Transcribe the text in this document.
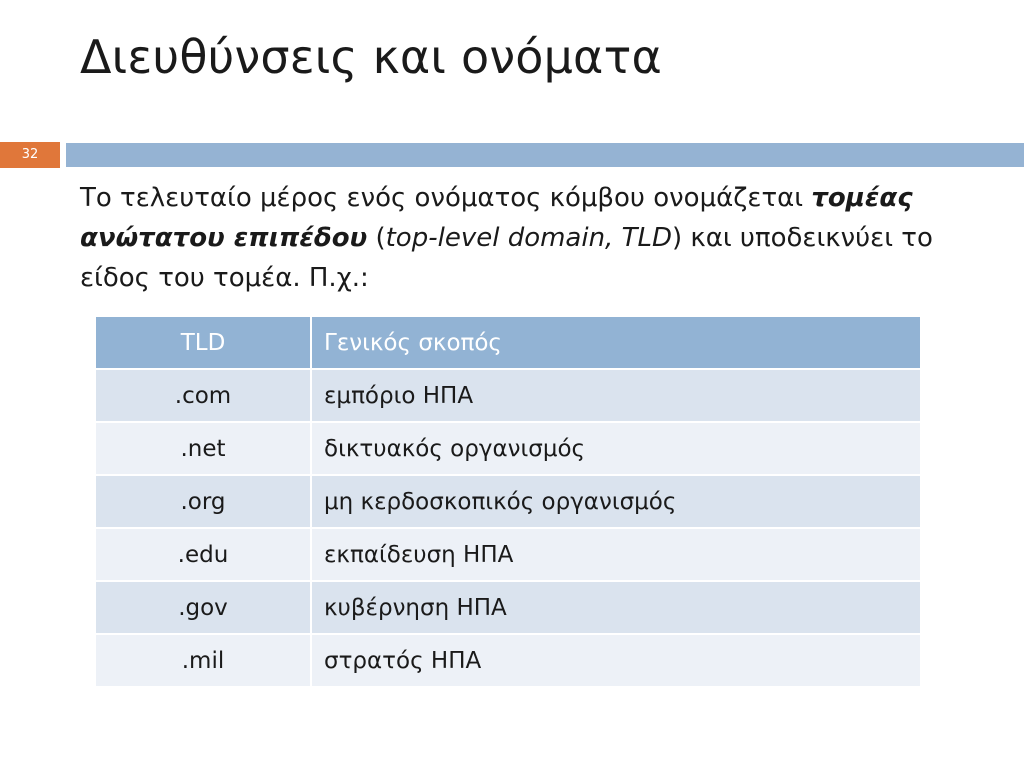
Διευθύνσεις και ονόματα
32

Το τελευταίο μέρος ενός ονόματος κόμβου ονομάζεται τομέας ανώτατου επιπέδου (top-level domain, TLD) και υποδεικνύει το είδος του τομέα. Π.χ.:

TLD	Γενικός σκοπός
.com	εμπόριο ΗΠΑ
.net	δικτυακός οργανισμός
.org	μη κερδοσκοπικός οργανισμός
.edu	εκπαίδευση ΗΠΑ
.gov	κυβέρνηση ΗΠΑ
.mil	στρατός ΗΠΑ
